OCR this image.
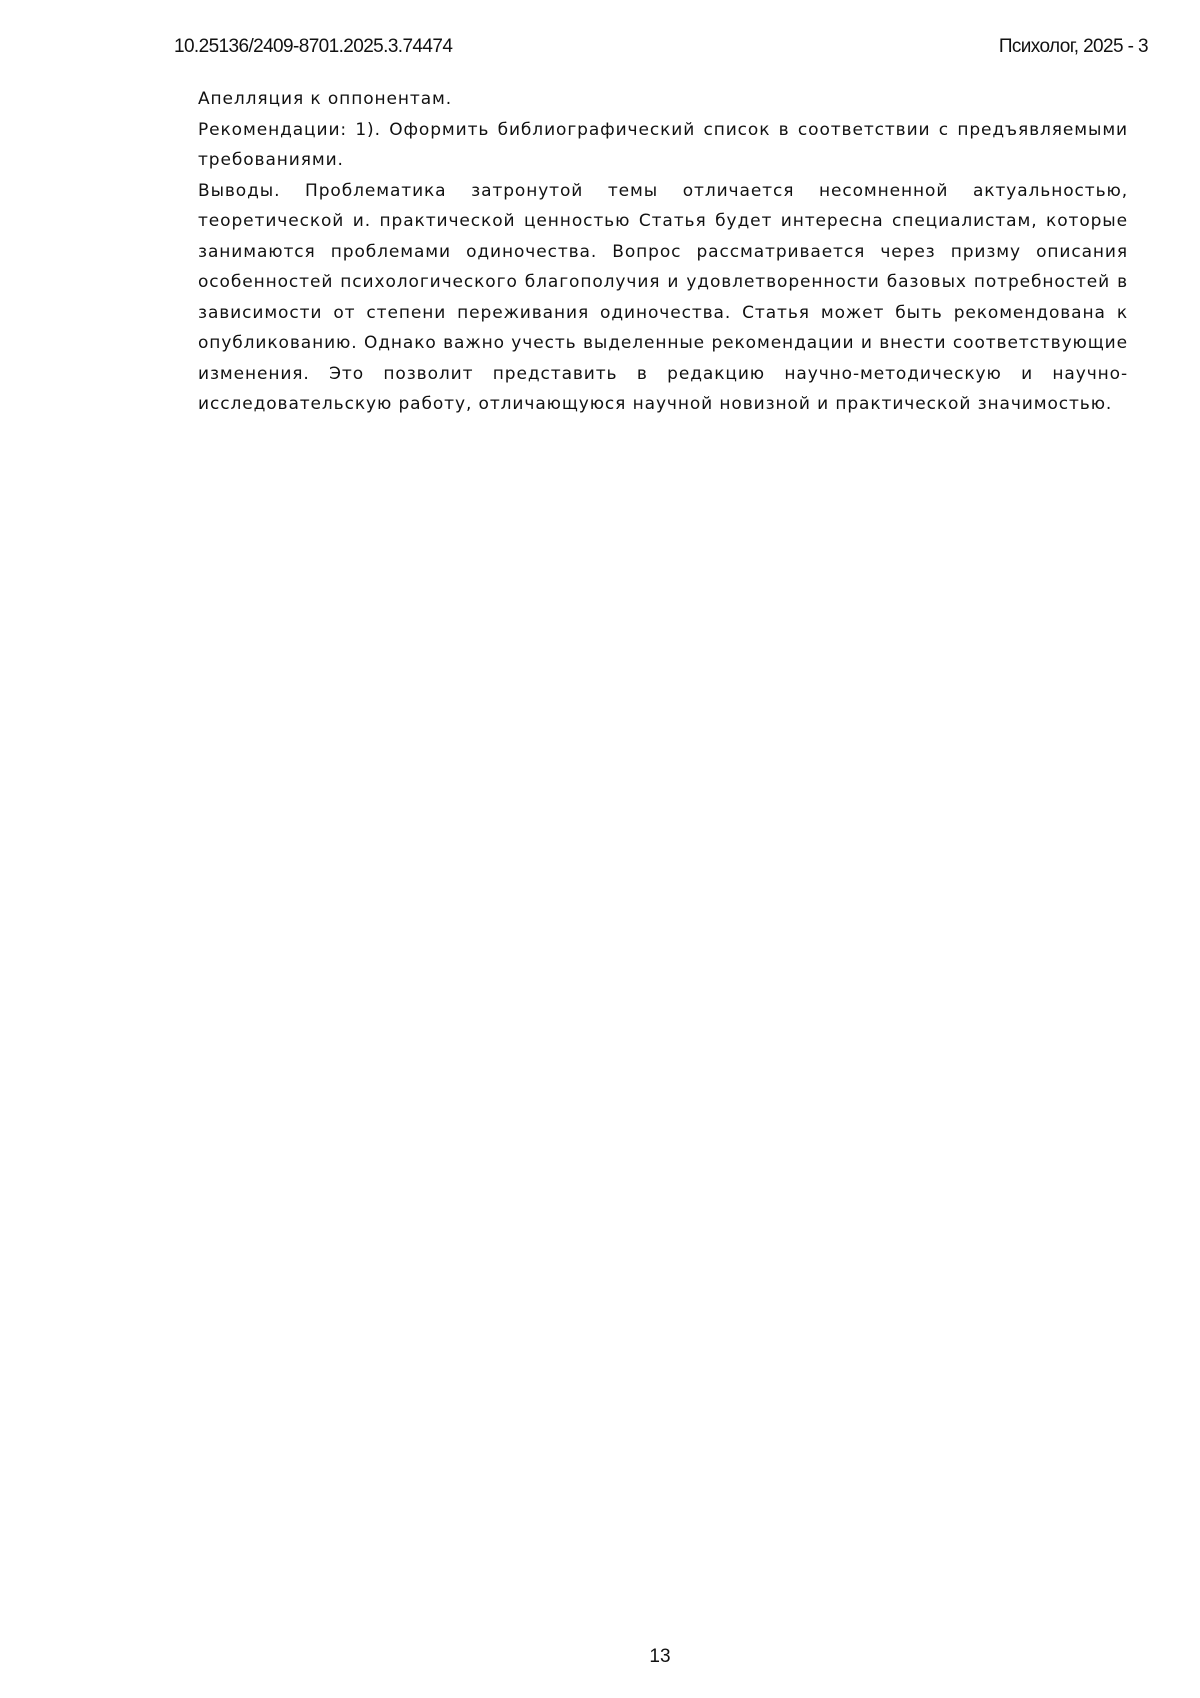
10.25136/2409-8701.2025.3.74474	Психолог, 2025 - 3

Апелляция к оппонентам.

Рекомендации: 1). Оформить библиографический список в соответствии с предъявляемыми требованиями.

Выводы. Проблематика затронутой темы отличается несомненной актуальностью, теоретической и. практической ценностью Статья будет интересна специалистам, которые занимаются проблемами одиночества. Вопрос рассматривается через призму описания особенностей психологического благополучия и удовлетворенности базовых потребностей в зависимости от степени переживания одиночества. Статья может быть рекомендована к опубликованию. Однако важно учесть выделенные рекомендации и внести соответствующие изменения. Это позволит представить в редакцию научно-методическую и научно-исследовательскую работу, отличающуюся научной новизной и практической значимостью.

13
